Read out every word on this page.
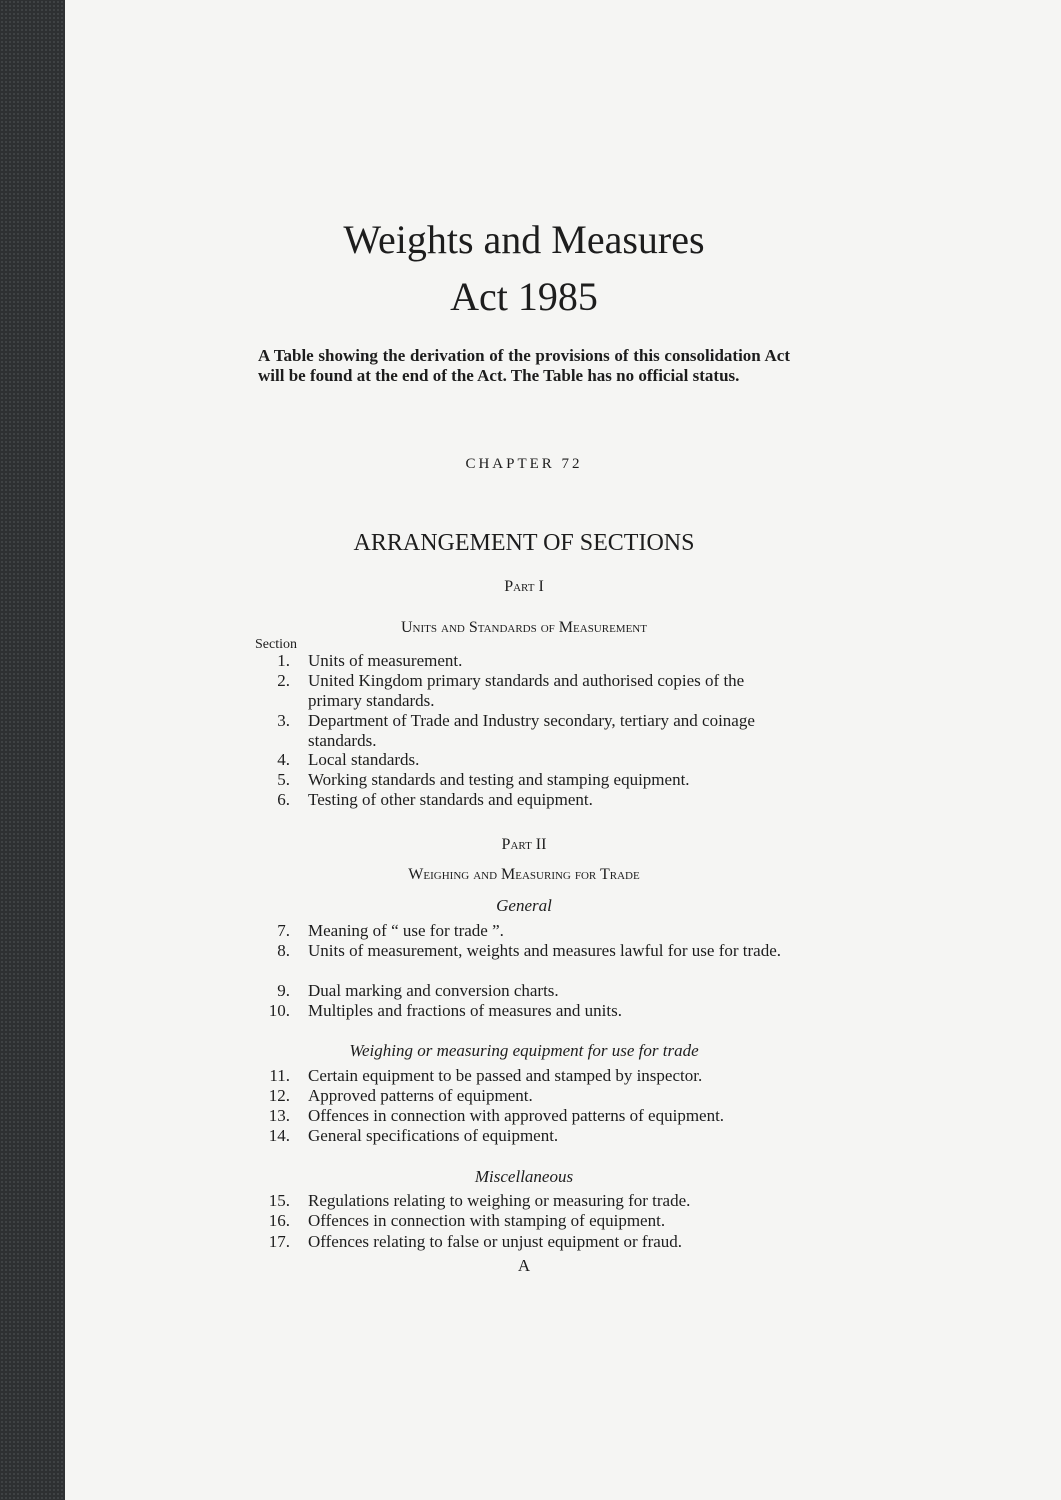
Weights and Measures
Act 1985
A Table showing the derivation of the provisions of this consolidation Act will be found at the end of the Act. The Table has no official status.
CHAPTER 72
ARRANGEMENT OF SECTIONS
Part I
Units and Standards of Measurement
Section
Part II
Weighing and Measuring for Trade
General
Weighing or measuring equipment for use for trade
Miscellaneous
A
1. Units of measurement.
2. United Kingdom primary standards and authorised copies of the primary standards.
3. Department of Trade and Industry secondary, tertiary and coinage standards.
4. Local standards.
5. Working standards and testing and stamping equipment.
6. Testing of other standards and equipment.
7. Meaning of “ use for trade ”.
8. Units of measurement, weights and measures lawful for use for trade.
9. Dual marking and conversion charts.
10. Multiples and fractions of measures and units.
11. Certain equipment to be passed and stamped by inspector.
12. Approved patterns of equipment.
13. Offences in connection with approved patterns of equipment.
14. General specifications of equipment.
15. Regulations relating to weighing or measuring for trade.
16. Offences in connection with stamping of equipment.
17. Offences relating to false or unjust equipment or fraud.
